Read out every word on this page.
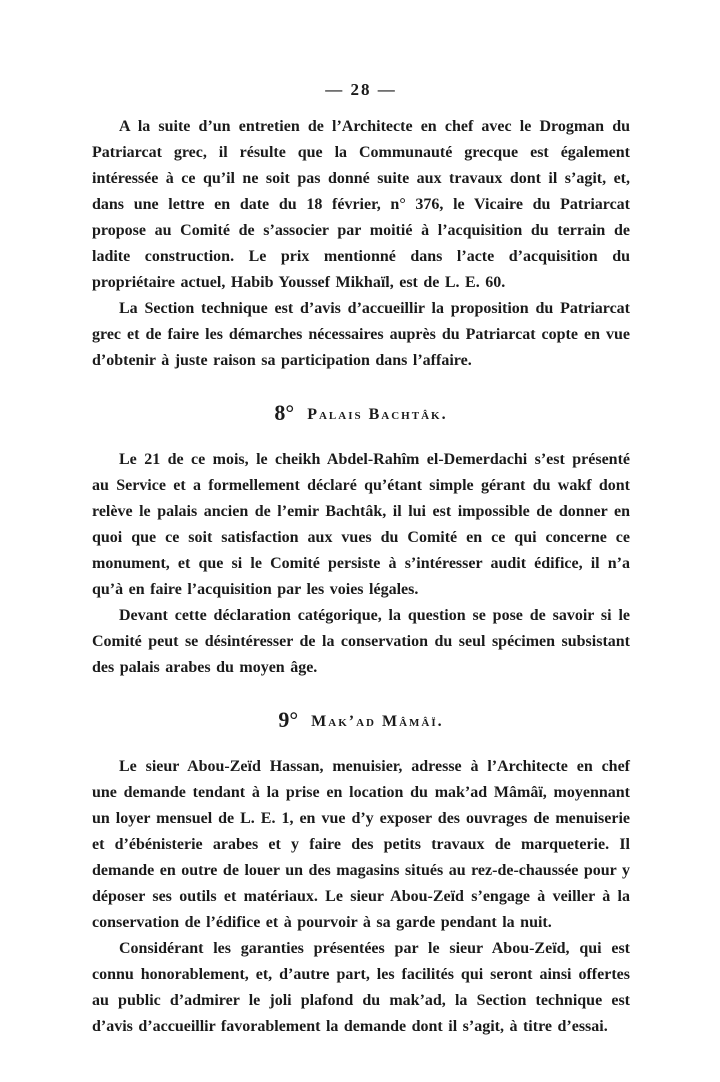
— 28 —

A la suite d’un entretien de l’Architecte en chef avec le Drogman du Patriarcat grec, il résulte que la Communauté grecque est également intéressée à ce qu’il ne soit pas donné suite aux travaux dont il s’agit, et, dans une lettre en date du 18 février, n° 376, le Vicaire du Patriarcat propose au Comité de s’associer par moitié à l’acquisition du terrain de ladite construction. Le prix mentionné dans l’acte d’acquisition du propriétaire actuel, Habib Youssef Mikhaïl, est de L. E. 60.

La Section technique est d’avis d’accueillir la proposition du Patriarcat grec et de faire les démarches nécessaires auprès du Patriarcat copte en vue d’obtenir à juste raison sa participation dans l’affaire.

8° Palais Bachtâk.

Le 21 de ce mois, le cheikh Abdel-Rahîm el-Demerdachi s’est présenté au Service et a formellement déclaré qu’étant simple gérant du wakf dont relève le palais ancien de l’emir Bachtâk, il lui est impossible de donner en quoi que ce soit satisfaction aux vues du Comité en ce qui concerne ce monument, et que si le Comité persiste à s’intéresser audit édifice, il n’a qu’à en faire l’acquisition par les voies légales.

Devant cette déclaration catégorique, la question se pose de savoir si le Comité peut se désintéresser de la conservation du seul spécimen subsistant des palais arabes du moyen âge.

9° Mak’ad Mâmâï.

Le sieur Abou-Zeïd Hassan, menuisier, adresse à l’Architecte en chef une demande tendant à la prise en location du mak’ad Mâmâï, moyennant un loyer mensuel de L. E. 1, en vue d’y exposer des ouvrages de menuiserie et d’ébénisterie arabes et y faire des petits travaux de marqueterie. Il demande en outre de louer un des magasins situés au rez-de-chaussée pour y déposer ses outils et matériaux. Le sieur Abou-Zeïd s’engage à veiller à la conservation de l’édifice et à pourvoir à sa garde pendant la nuit.

Considérant les garanties présentées par le sieur Abou-Zeïd, qui est connu honorablement, et, d’autre part, les facilités qui seront ainsi offertes au public d’admirer le joli plafond du mak’ad, la Section technique est d’avis d’accueillir favorablement la demande dont il s’agit, à titre d’essai.
